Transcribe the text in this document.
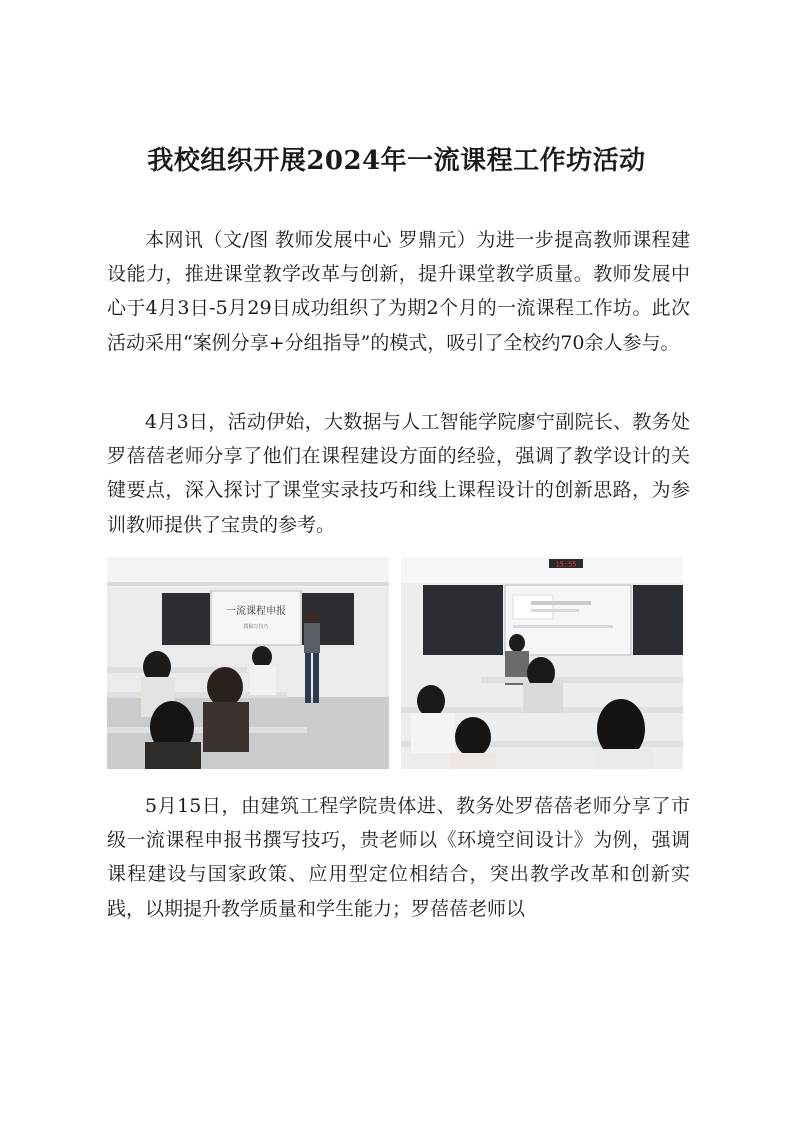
我校组织开展2024年一流课程工作坊活动

本网讯（文/图 教师发展中心 罗鼎元）为进一步提高教师课程建设能力，推进课堂教学改革与创新，提升课堂教学质量。教师发展中心于4月3日-5月29日成功组织了为期2个月的一流课程工作坊。此次活动采用“案例分享+分组指导”的模式，吸引了全校约70余人参与。

4月3日，活动伊始，大数据与人工智能学院廖宁副院长、教务处罗蓓蓓老师分享了他们在课程建设方面的经验，强调了教学设计的关键要点，深入探讨了课堂实录技巧和线上课程设计的创新思路，为参训教师提供了宝贵的参考。

一流课程申报
撰稿写技巧
15:55

5月15日，由建筑工程学院贵体进、教务处罗蓓蓓老师分享了市级一流课程申报书撰写技巧，贵老师以《环境空间设计》为例，强调课程建设与国家政策、应用型定位相结合，突出教学改革和创新实践，以期提升教学质量和学生能力；罗蓓蓓老师以
